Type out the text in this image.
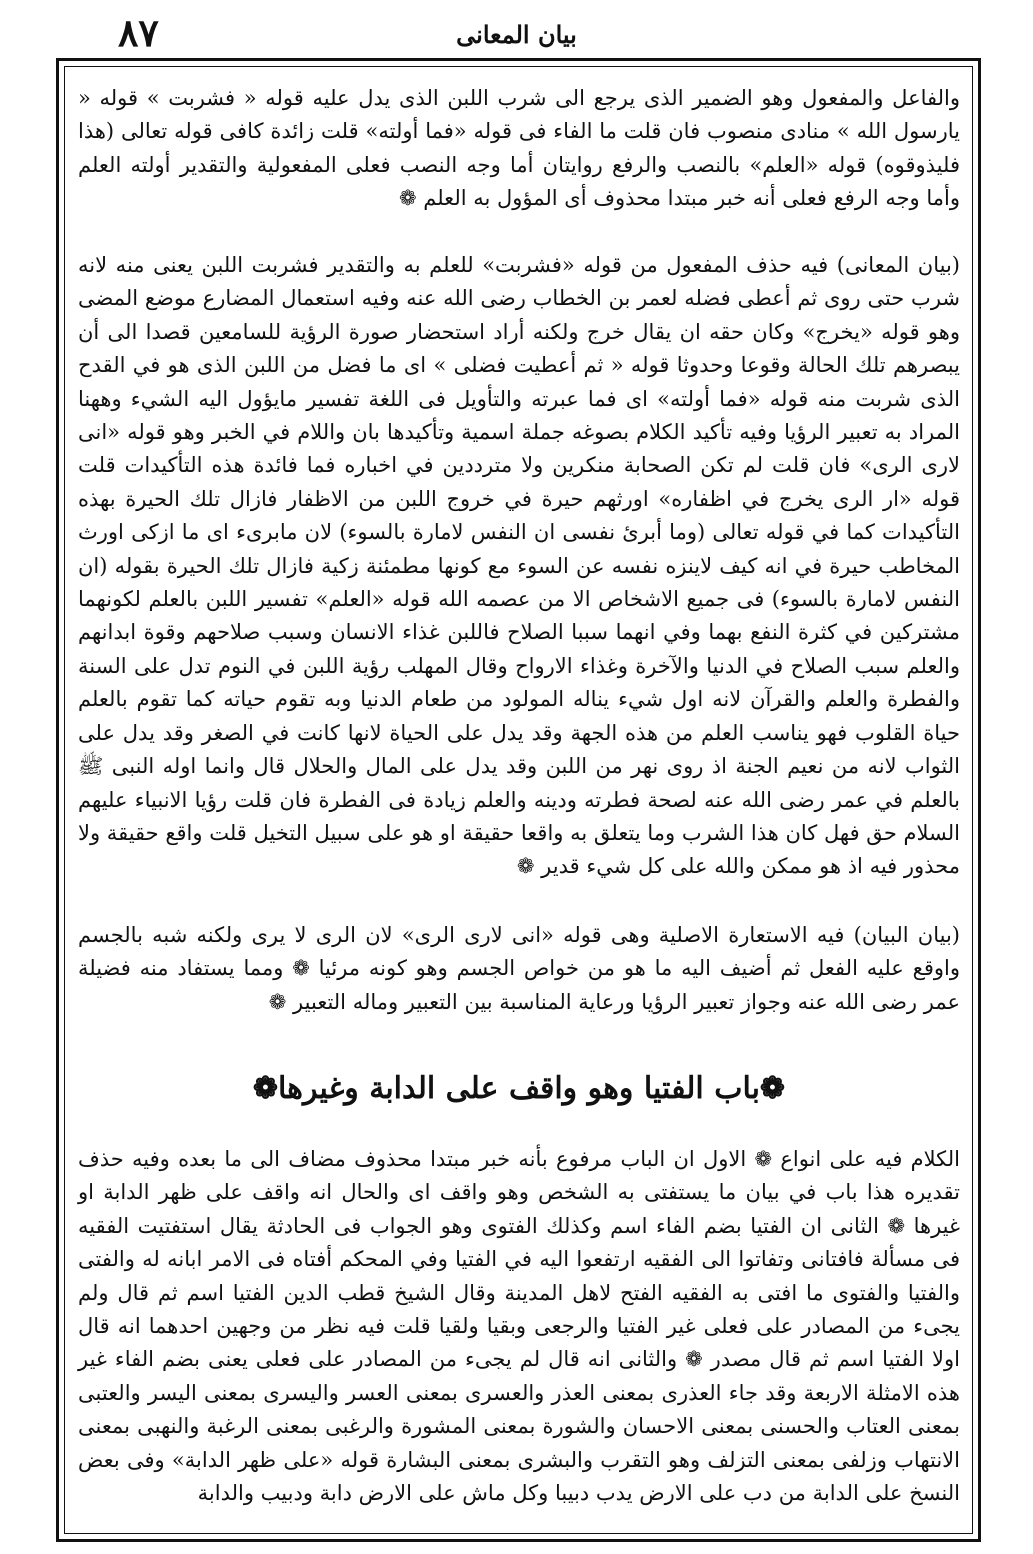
٨٧	بيان المعانى

والفاعل والمفعول وهو الضمير الذى يرجع الى شرب اللبن الذى يدل عليه قوله « فشربت » قوله « يارسول الله » منادى منصوب فان قلت ما الفاء فى قوله «فما أولته» قلت زائدة كافى قوله تعالى (هذا فليذوقوه) قوله «العلم» بالنصب والرفع روايتان أما وجه النصب فعلى المفعولية والتقدير أولته العلم وأما وجه الرفع فعلى أنه خبر مبتدا محذوف أى المؤول به العلم ❁

(بيان المعانى) فيه حذف المفعول من قوله «فشربت» للعلم به والتقدير فشربت اللبن يعنى منه لانه شرب حتى روى ثم أعطى فضله لعمر بن الخطاب رضى الله عنه وفيه استعمال المضارع موضع المضى وهو قوله «يخرج» وكان حقه ان يقال خرج ولكنه أراد استحضار صورة الرؤية للسامعين قصدا الى أن يبصرهم تلك الحالة وقوعا وحدوثا قوله « ثم أعطيت فضلى » اى ما فضل من اللبن الذى هو في القدح الذى شربت منه قوله «فما أولته» اى فما عبرته والتأويل فى اللغة تفسير مايؤول اليه الشيء وههنا المراد به تعبير الرؤيا وفيه تأكيد الكلام بصوغه جملة اسمية وتأكيدها بان واللام في الخبر وهو قوله «انى لارى الرى» فان قلت لم تكن الصحابة منكرين ولا مترددين في اخباره فما فائدة هذه التأكيدات قلت قوله «ار الرى يخرج في اظفاره» اورثهم حيرة في خروج اللبن من الاظفار فازال تلك الحيرة بهذه التأكيدات كما في قوله تعالى (وما أبرئ نفسى ان النفس لامارة بالسوء) لان مابرىء اى ما ازكى اورث المخاطب حيرة في انه كيف لاينزه نفسه عن السوء مع كونها مطمئنة زكية فازال تلك الحيرة بقوله (ان النفس لامارة بالسوء) فى جميع الاشخاص الا من عصمه الله قوله «العلم» تفسير اللبن بالعلم لكونهما مشتركين في كثرة النفع بهما وفي انهما سببا الصلاح فاللبن غذاء الانسان وسبب صلاحهم وقوة ابدانهم والعلم سبب الصلاح في الدنيا والآخرة وغذاء الارواح وقال المهلب رؤية اللبن في النوم تدل على السنة والفطرة والعلم والقرآن لانه اول شيء يناله المولود من طعام الدنيا وبه تقوم حياته كما تقوم بالعلم حياة القلوب فهو يناسب العلم من هذه الجهة وقد يدل على الحياة لانها كانت في الصغر وقد يدل على الثواب لانه من نعيم الجنة اذ روى نهر من اللبن وقد يدل على المال والحلال قال وانما اوله النبى ﷺ بالعلم في عمر رضى الله عنه لصحة فطرته ودينه والعلم زيادة فى الفطرة فان قلت رؤيا الانبياء عليهم السلام حق فهل كان هذا الشرب وما يتعلق به واقعا حقيقة او هو على سبيل التخيل قلت واقع حقيقة ولا محذور فيه اذ هو ممكن والله على كل شيء قدير ❁

(بيان البيان) فيه الاستعارة الاصلية وهى قوله «انى لارى الرى» لان الرى لا يرى ولكنه شبه بالجسم واوقع عليه الفعل ثم أضيف اليه ما هو من خواص الجسم وهو كونه مرئيا ❁ ومما يستفاد منه فضيلة عمر رضى الله عنه وجواز تعبير الرؤيا ورعاية المناسبة بين التعبير وماله التعبير ❁

❁باب الفتيا وهو واقف على الدابة وغيرها❁

الكلام فيه على انواع ❁ الاول ان الباب مرفوع بأنه خبر مبتدا محذوف مضاف الى ما بعده وفيه حذف تقديره هذا باب في بيان ما يستفتى به الشخص وهو واقف اى والحال انه واقف على ظهر الدابة او غيرها ❁ الثانى ان الفتيا بضم الفاء اسم وكذلك الفتوى وهو الجواب فى الحادثة يقال استفتيت الفقيه فى مسألة فافتانى وتفاتوا الى الفقيه ارتفعوا اليه في الفتيا وفي المحكم أفتاه فى الامر ابانه له والفتى والفتيا والفتوى ما افتى به الفقيه الفتح لاهل المدينة وقال الشيخ قطب الدين الفتيا اسم ثم قال ولم يجىء من المصادر على فعلى غير الفتيا والرجعى وبقيا ولقيا قلت فيه نظر من وجهين احدهما انه قال اولا الفتيا اسم ثم قال مصدر ❁ والثانى انه قال لم يجىء من المصادر على فعلى يعنى بضم الفاء غير هذه الامثلة الاربعة وقد جاء العذرى بمعنى العذر والعسرى بمعنى العسر واليسرى بمعنى اليسر والعتبى بمعنى العتاب والحسنى بمعنى الاحسان والشورة بمعنى المشورة والرغبى بمعنى الرغبة والنهبى بمعنى الانتهاب وزلفى بمعنى التزلف وهو التقرب والبشرى بمعنى البشارة قوله «على ظهر الدابة» وفى بعض النسخ على الدابة من دب على الارض يدب دبيبا وكل ماش على الارض دابة ودبيب والدابة
